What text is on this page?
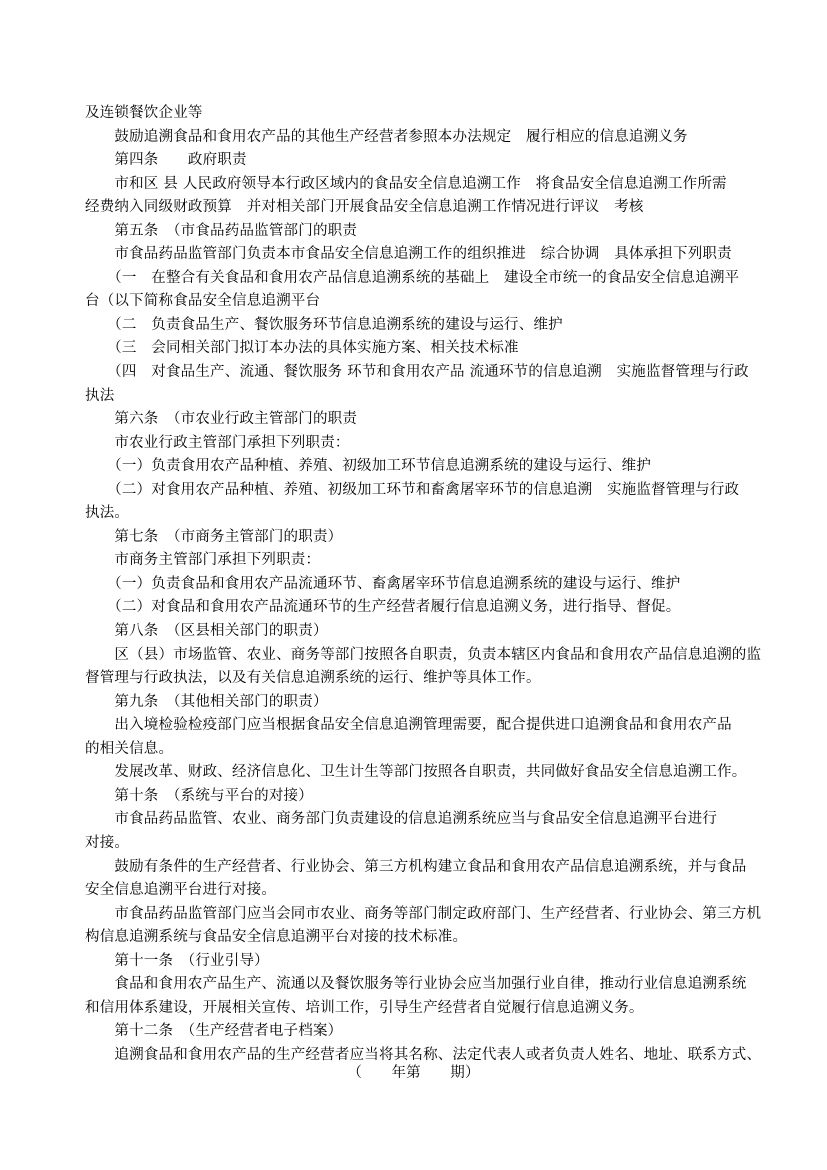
及连锁餐饮企业等
　　鼓励追溯食品和食用农产品的其他生产经营者参照本办法规定　履行相应的信息追溯义务
　　第四条　　政府职责
　　市和区 县 人民政府领导本行政区域内的食品安全信息追溯工作　将食品安全信息追溯工作所需
经费纳入同级财政预算　并对相关部门开展食品安全信息追溯工作情况进行评议　考核
　　第五条　（市食品药品监管部门的职责
　　市食品药品监管部门负责本市食品安全信息追溯工作的组织推进　综合协调　具体承担下列职责
　　（一　在整合有关食品和食用农产品信息追溯系统的基础上　建设全市统一的食品安全信息追溯平
台（以下简称食品安全信息追溯平台
　　（二　负责食品生产、餐饮服务环节信息追溯系统的建设与运行、维护
　　（三　会同相关部门拟订本办法的具体实施方案、相关技术标准
　　（四　对食品生产、流通、餐饮服务 环节和食用农产品 流通环节的信息追溯　实施监督管理与行政
执法
　　第六条　（市农业行政主管部门的职责
　　市农业行政主管部门承担下列职责：
　　（一）负责食用农产品种植、养殖、初级加工环节信息追溯系统的建设与运行、维护
　　（二）对食用农产品种植、养殖、初级加工环节和畜禽屠宰环节的信息追溯　实施监督管理与行政
执法。
　　第七条　（市商务主管部门的职责）
　　市商务主管部门承担下列职责：
　　（一）负责食品和食用农产品流通环节、畜禽屠宰环节信息追溯系统的建设与运行、维护
　　（二）对食品和食用农产品流通环节的生产经营者履行信息追溯义务，进行指导、督促。
　　第八条　（区县相关部门的职责）
　　区（县）市场监管、农业、商务等部门按照各自职责，负责本辖区内食品和食用农产品信息追溯的监
督管理与行政执法，以及有关信息追溯系统的运行、维护等具体工作。
　　第九条　（其他相关部门的职责）
　　出入境检验检疫部门应当根据食品安全信息追溯管理需要，配合提供进口追溯食品和食用农产品
的相关信息。
　　发展改革、财政、经济信息化、卫生计生等部门按照各自职责，共同做好食品安全信息追溯工作。
　　第十条　（系统与平台的对接）
　　市食品药品监管、农业、商务部门负责建设的信息追溯系统应当与食品安全信息追溯平台进行
对接。
　　鼓励有条件的生产经营者、行业协会、第三方机构建立食品和食用农产品信息追溯系统，并与食品
安全信息追溯平台进行对接。
　　市食品药品监管部门应当会同市农业、商务等部门制定政府部门、生产经营者、行业协会、第三方机
构信息追溯系统与食品安全信息追溯平台对接的技术标准。
　　第十一条　（行业引导）
　　食品和食用农产品生产、流通以及餐饮服务等行业协会应当加强行业自律，推动行业信息追溯系统
和信用体系建设，开展相关宣传、培训工作，引导生产经营者自觉履行信息追溯义务。
　　第十二条　（生产经营者电子档案）
　　追溯食品和食用农产品的生产经营者应当将其名称、法定代表人或者负责人姓名、地址、联系方式、
（　　年第　　期）
